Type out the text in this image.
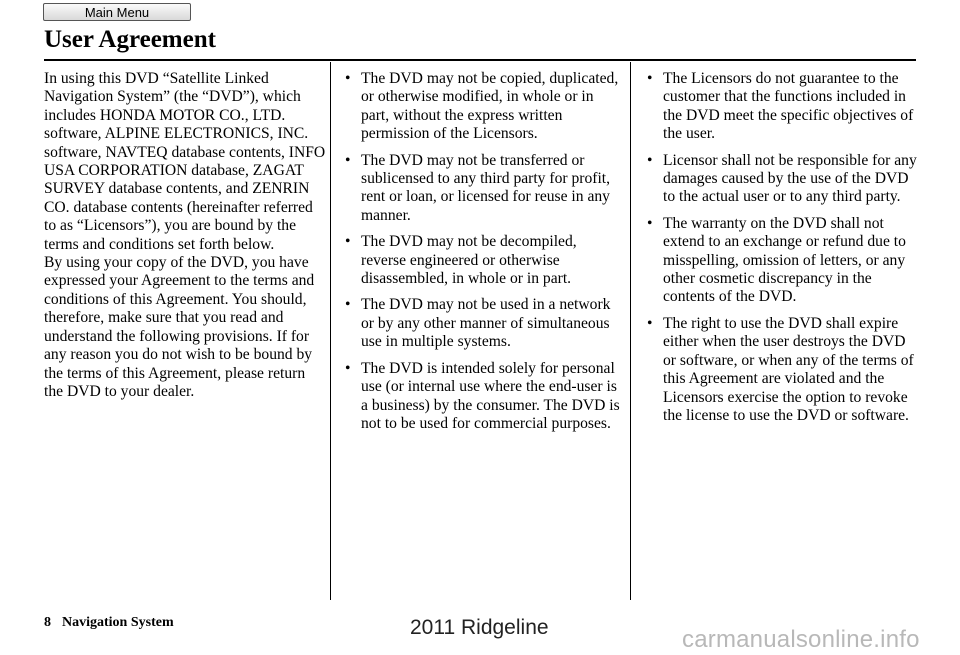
Main Menu
User Agreement

In using this DVD “Satellite Linked Navigation System” (the “DVD”), which includes HONDA MOTOR CO., LTD. software, ALPINE ELECTRONICS, INC. software, NAVTEQ database contents, INFO USA CORPORATION database, ZAGAT SURVEY database contents, and ZENRIN CO. database contents (hereinafter referred to as “Licensors”), you are bound by the terms and conditions set forth below.

By using your copy of the DVD, you have expressed your Agreement to the terms and conditions of this Agreement. You should, therefore, make sure that you read and understand the following provisions. If for any reason you do not wish to be bound by the terms of this Agreement, please return the DVD to your dealer.

• The DVD may not be copied, duplicated, or otherwise modified, in whole or in part, without the express written permission of the Licensors.
• The DVD may not be transferred or sublicensed to any third party for profit, rent or loan, or licensed for reuse in any manner.
• The DVD may not be decompiled, reverse engineered or otherwise disassembled, in whole or in part.
• The DVD may not be used in a network or by any other manner of simultaneous use in multiple systems.
• The DVD is intended solely for personal use (or internal use where the end-user is a business) by the consumer. The DVD is not to be used for commercial purposes.
• The Licensors do not guarantee to the customer that the functions included in the DVD meet the specific objectives of the user.
• Licensor shall not be responsible for any damages caused by the use of the DVD to the actual user or to any third party.
• The warranty on the DVD shall not extend to an exchange or refund due to misspelling, omission of letters, or any other cosmetic discrepancy in the contents of the DVD.
• The right to use the DVD shall expire either when the user destroys the DVD or software, or when any of the terms of this Agreement are violated and the Licensors exercise the option to revoke the license to use the DVD or software.
8 Navigation System	2011 Ridgeline	carmanualsonline.info
